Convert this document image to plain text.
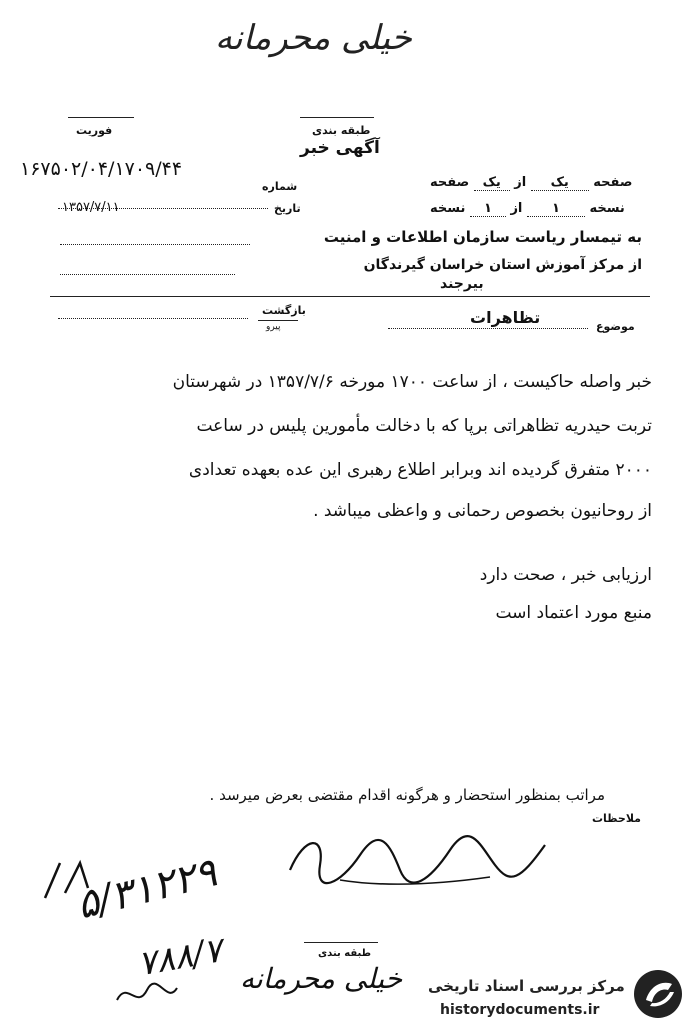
خیلی محرمانه
فوریت	طبقه بندی
آگهی خبر
۱۶۷۵۰۲/۰۴/۱۷۰۹/۴۴
شماره	صفحه یک از یک صفحه
۱۳۵۷/۷/۱۱	تاریخ	نسخه ۱ از ۱ نسخه
به تیمسار ریاست سازمان اطلاعات و امنیت
از مرکز آموزش استان خراسان گیرندگان
بیرجند
بازگشت
پیرو	تظاهرات	موضوع
خبر واصله حاکیست ، از ساعت ۱۷۰۰ مورخه ۱۳۵۷/۷/۶ در شهرستان
تربت حیدریه تظاهراتی برپا که با دخالت مأمورین پلیس در ساعت
۲۰۰۰ متفرق گردیده اند وبرابر اطلاع رهبری این عده بعهده تعدادی
از روحانیون بخصوص رحمانی و واعظی میباشد .
ارزیابی خبر ، صحت دارد
منبع مورد اعتماد است
مراتب بمنظور استحضار و هرگونه اقدام مقتضی بعرض میرسد .
ملاحظات
۵/۳۱۲۲۹
۷۸۸/۷	طبقه بندی
خیلی محرمانه مرکز بررسی اسناد تاریخی
historydocuments.ir
